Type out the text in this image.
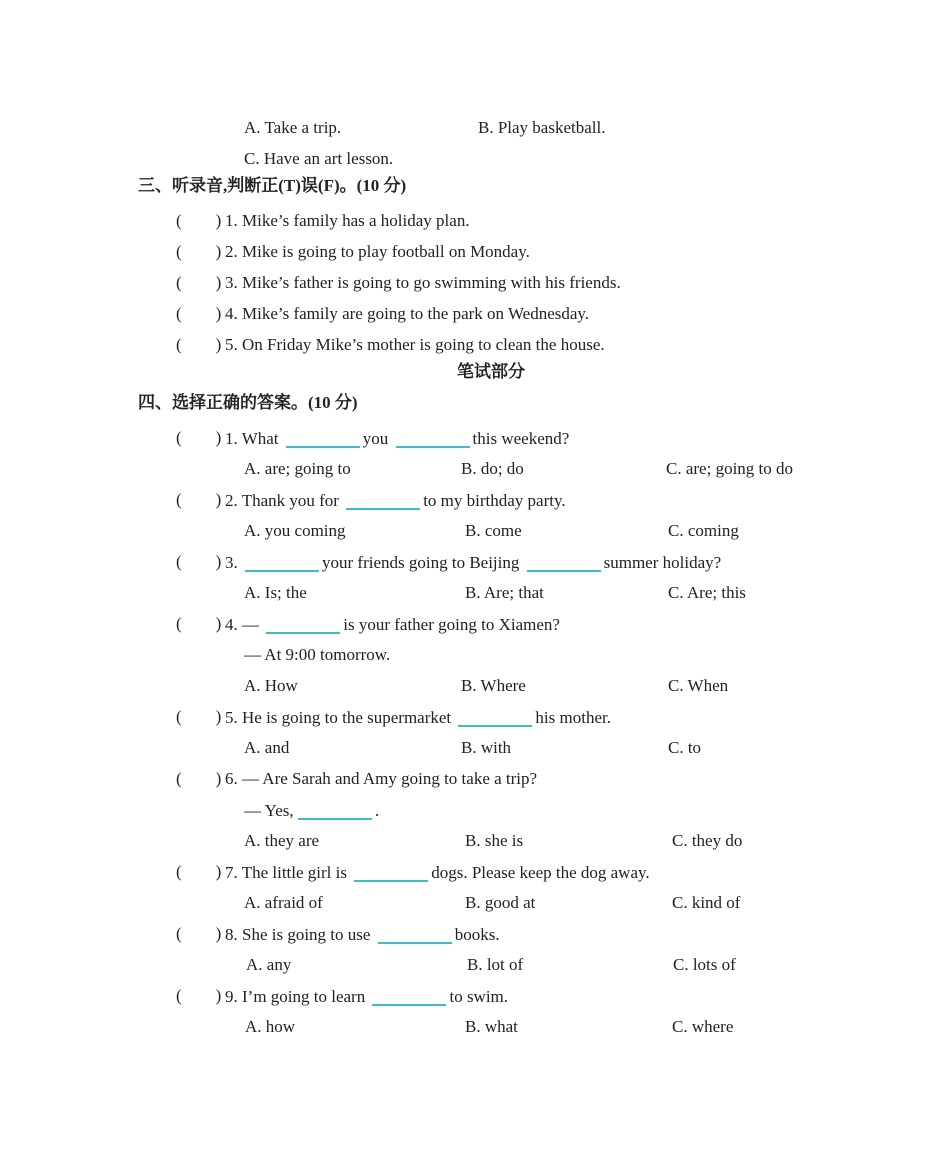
A. Take a trip.	B. Play basketball.
C. Have an art lesson.
三、听录音,判断正(T)误(F)。(10 分)
( ) 1. Mike’s family has a holiday plan.
( ) 2. Mike is going to play football on Monday.
( ) 3. Mike’s father is going to go swimming with his friends.
( ) 4. Mike’s family are going to the park on Wednesday.
( ) 5. On Friday Mike’s mother is going to clean the house.
笔试部分
四、选择正确的答案。(10 分)
( ) 1. What	you	this weekend?
A. are; going to	B. do; do	C. are; going to do
( ) 2. Thank you for	to my birthday party.
A. you coming	B. come	C. coming
( ) 3.	your friends going to Beijing	summer holiday?
A. Is; the	B. Are; that	C. Are; this
( ) 4. —	is your father going to Xiamen?
— At 9:00 tomorrow.
A. How	B. Where	C. When
( ) 5. He is going to the supermarket	his mother.
A. and	B. with	C. to
( ) 6. — Are Sarah and Amy going to take a trip?
— Yes,	.
A. they are	B. she is	C. they do
( ) 7. The little girl is	dogs. Please keep the dog away.
A. afraid of	B. good at	C. kind of
( ) 8. She is going to use	books.
A. any	B. lot of	C. lots of
( ) 9. I’m going to learn	to swim.
A. how	B. what	C. where
